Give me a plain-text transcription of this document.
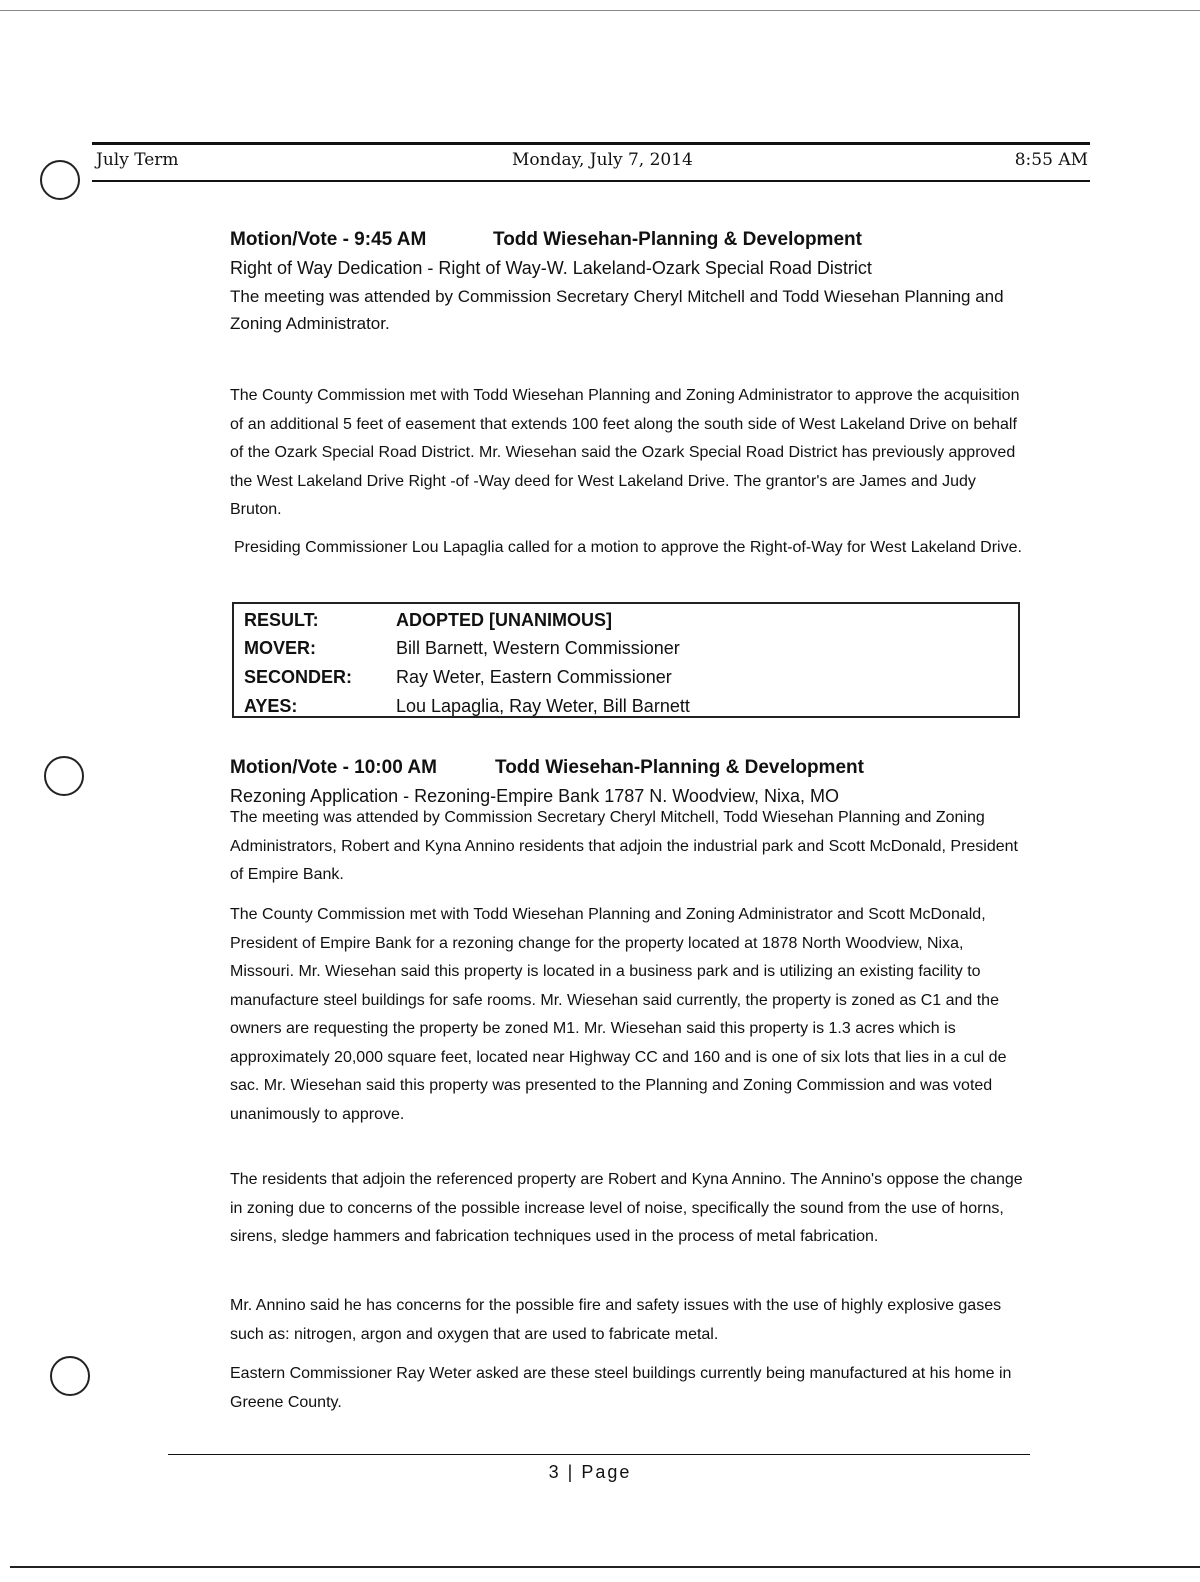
July Term	Monday, July 7, 2014	8:55 AM
Motion/Vote - 9:45 AM	Todd Wiesehan-Planning & Development
Right of Way Dedication - Right of Way-W. Lakeland-Ozark Special Road District

The meeting was attended by Commission Secretary Cheryl Mitchell and Todd Wiesehan Planning and Zoning Administrator.

The County Commission met with Todd Wiesehan Planning and Zoning Administrator to approve the acquisition of an additional 5 feet of easement that extends 100 feet along the south side of West Lakeland Drive on behalf of the Ozark Special Road District. Mr. Wiesehan said the Ozark Special Road District has previously approved the West Lakeland Drive Right -of -Way deed for West Lakeland Drive. The grantor's are James and Judy Bruton.

Presiding Commissioner Lou Lapaglia called for a motion to approve the Right-of-Way for West Lakeland Drive.

RESULT:	ADOPTED [UNANIMOUS]
MOVER:	Bill Barnett, Western Commissioner
SECONDER:	Ray Weter, Eastern Commissioner
AYES:	Lou Lapaglia, Ray Weter, Bill Barnett
Motion/Vote - 10:00 AM	Todd Wiesehan-Planning & Development
Rezoning Application - Rezoning-Empire Bank 1787 N. Woodview, Nixa, MO

The meeting was attended by Commission Secretary Cheryl Mitchell, Todd Wiesehan Planning and Zoning Administrators, Robert and Kyna Annino residents that adjoin the industrial park and Scott McDonald, President of Empire Bank.

The County Commission met with Todd Wiesehan Planning and Zoning Administrator and Scott McDonald, President of Empire Bank for a rezoning change for the property located at 1878 North Woodview, Nixa, Missouri. Mr. Wiesehan said this property is located in a business park and is utilizing an existing facility to manufacture steel buildings for safe rooms. Mr. Wiesehan said currently, the property is zoned as C1 and the owners are requesting the property be zoned M1. Mr. Wiesehan said this property is 1.3 acres which is approximately 20,000 square feet, located near Highway CC and 160 and is one of six lots that lies in a cul de sac. Mr. Wiesehan said this property was presented to the Planning and Zoning Commission and was voted unanimously to approve.

The residents that adjoin the referenced property are Robert and Kyna Annino. The Annino's oppose the change in zoning due to concerns of the possible increase level of noise, specifically the sound from the use of horns, sirens, sledge hammers and fabrication techniques used in the process of metal fabrication.

Mr. Annino said he has concerns for the possible fire and safety issues with the use of highly explosive gases such as: nitrogen, argon and oxygen that are used to fabricate metal.

Eastern Commissioner Ray Weter asked are these steel buildings currently being manufactured at his home in Greene County.

3 | Page
